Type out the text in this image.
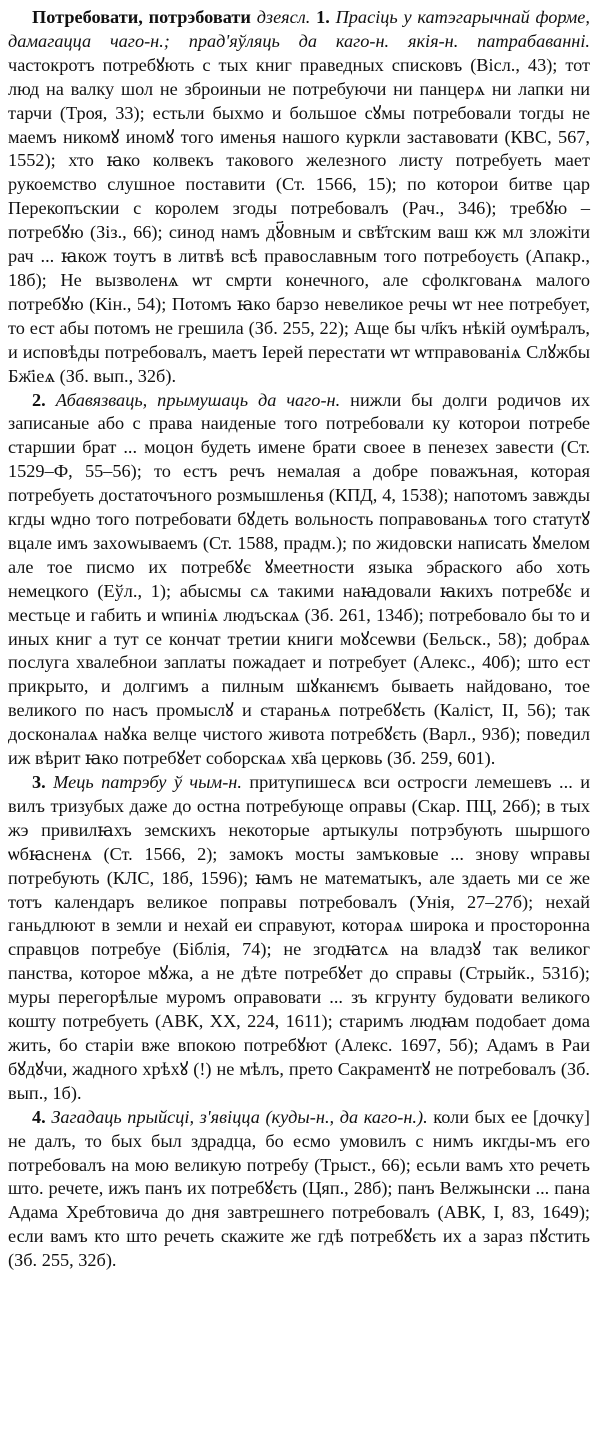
Потребовати, потрэбовати дзеясл. 1. Прасіць у катэгарычнай форме, дамагацца чаго-н.; прад'яўляць да каго-н. якія-н. патрабаванні. частокротъ потребꙋють с тых книг праведных списковъ (Вісл., 43); тот люд на валку шол не зброиныи не потребуючи ни панцерѧ ни лапки ни тарчи (Троя, 33); естьли быхмо и большое сꙋмы потребовали тогды не маемъ никомꙋ иномꙋ того именья нашого куркли заставовати (КВС, 567, 1552); хто ꙗко колвекъ такового железного листу потребуеть мает рукоемство слушное поставити (Ст. 1566, 15); по которои битве цар Перекопъскии с королем згоды потребовалъ (Рач., 346); требꙋю – потребꙋю (Зіз., 66); синод намъ дꙋ҃овным и свѣ҃тским ваш кж мл зложіти рач ... ꙗкож тоутъ в литвѣ всѣ православным того потребоуєть (Апакр., 18б); Не вызволенѧ ѡт смрти конечного, але сфолкгованѧ малого потребꙋю (Кін., 54); Потомъ ꙗко барзо невеликое речы ѡт нее потребует, то ест абы потомъ не грешила (Зб. 255, 22); Аще бы чл҃къ нѣкій оумѣралъ, и исповѣды потребовалъ, маетъ Іерей перестати ѡт ѡтправованіѧ Слꙋжбы Бж҃іеѧ (Зб. вып., 32б).

2. Абавязваць, прымушаць да чаго-н. нижли бы долги родичов их записаные або с права наиденые того потребовали ку которои потребе старшии брат ... моцон будеть имене брати своее в пенезех завести (Ст. 1529–Ф, 55–56); то естъ речъ немалая а добре поважъная, которая потребуеть достаточъного розмышленья (КПД, 4, 1538); напотомъ завжды кгды ѡдно того потребовати бꙋдеть вольность поправованьѧ того статутꙋ вцале имъ захowываемъ (Ст. 1588, прадм.); по жидовски написать ꙋмелом але тое писмо их потребꙋє ꙋмеетности языка эбраского або хоть немецкого (Еўл., 1); абысмы сѧ такими наꙗдовали ꙗкихъ потребꙋє и местьце и габить и ѡпиніѧ людъскаѧ (Зб. 261, 134б); потребовало бы то и иных книг а тут се кончат третии книги моꙋсеѡви (Бельск., 58); добраѧ послуга хвалебнои заплаты пожадает и потребует (Алекс., 40б); што ест прикрыто, и долгимъ а пилным шꙋканѥмъ бываеть найдовано, тое великого по насъ промыслꙋ и стараньѧ потребꙋєть (Каліст, II, 56); так досконалаѧ наꙋка велце чистого живота потребꙋєть (Варл., 93б); поведил иж вѣрит ꙗко потребꙋет соборскаѧ хв҃а церковь (Зб. 259, 601).

3. Мець патрэбу ў чым-н. притупишесѧ вси остросги лемешевъ ... и вилъ тризубых даже до остна потребующе оправы (Скар. ПЦ, 26б); в тых жэ привилꙗхъ земскихъ некоторые артыкулы потрэбують шыршого ѡбꙗсненѧ (Ст. 1566, 2); замокъ мосты замъковые ... знову ѡправы потребують (КЛС, 18б, 1596); ꙗмъ не математыкъ, але здаеть ми се же тотъ календаръ великое поправы потребовалъ (Унія, 27–27б); нехай ганьдлюют в земли и нехай еи справуют, котораѧ широка и просторонна справцов потребуе (Біблія, 74); не згодꙗтсѧ на владзꙋ так великог панства, которое мꙋжа, а не дѣте потребꙋет до справы (Стрыйк., 531б); муры перегорѣлые муромъ оправовати ... зъ кгрунту будовати великого кошту потребуеть (АВК, XX, 224, 1611); старимъ людꙗм подобает дома жить, бо старіи вже впокою потребꙋют (Алекс. 1697, 5б); Адамъ в Раи бꙋдꙋчи, жадного хрѣхꙋ (!) не мѣлъ, прето Сакраментꙋ не потребовалъ (Зб. вып., 1б).

4. Загадаць прыйсці, з'явіцца (куды-н., да каго-н.). коли бых ее [дочку] не далъ, то бых был здрадца, бо есмо умовилъ с нимъ икгды-мъ его потребовалъ на мою великую потребу (Трыст., 66); есьли вамъ хто речеть што. речете, ижъ панъ их потребꙋєть (Цяп., 28б); панъ Велжынски ... пана Адама Хребтовича до дня завтрешнего потребовалъ (АВК, I, 83, 1649); если вамъ кто што речеть скажите же гдѣ потребꙋєть их а зараз пꙋстить (Зб. 255, 32б).
